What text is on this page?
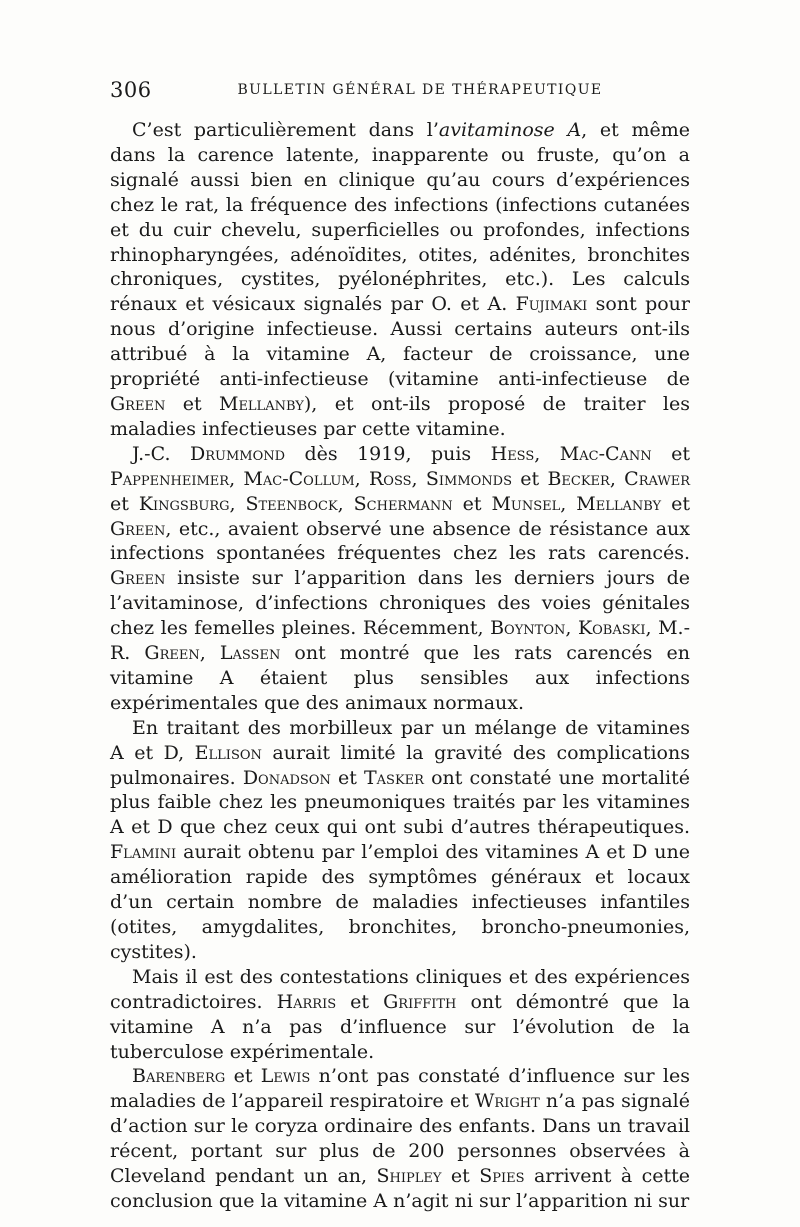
306	BULLETIN GÉNÉRAL DE THÉRAPEUTIQUE

C’est particulièrement dans l’avitaminose A, et même dans la carence latente, inapparente ou fruste, qu’on a signalé aussi bien en clinique qu’au cours d’expériences chez le rat, la fréquence des infections (infections cutanées et du cuir chevelu, superficielles ou profondes, infections rhinopharyngées, adénoïdites, otites, adénites, bronchites chroniques, cystites, pyélonéphrites, etc.). Les calculs rénaux et vésicaux signalés par O. et A. Fujimaki sont pour nous d’origine infectieuse. Aussi certains auteurs ont-ils attribué à la vitamine A, facteur de croissance, une propriété anti-infectieuse (vitamine anti-infectieuse de Green et Mellanby), et ont-ils proposé de traiter les maladies infectieuses par cette vitamine.

J.-C. Drummond dès 1919, puis Hess, Mac-Cann et Pappenheimer, Mac-Collum, Ross, Simmonds et Becker, Crawer et Kingsburg, Steenbock, Schermann et Munsel, Mellanby et Green, etc., avaient observé une absence de résistance aux infections spontanées fréquentes chez les rats carencés. Green insiste sur l’apparition dans les derniers jours de l’avitaminose, d’infections chroniques des voies génitales chez les femelles pleines. Récemment, Boynton, Kobaski, M.-R. Green, Lassen ont montré que les rats carencés en vitamine A étaient plus sensibles aux infections expérimentales que des animaux normaux.

En traitant des morbilleux par un mélange de vitamines A et D, Ellison aurait limité la gravité des complications pulmonaires. Donadson et Tasker ont constaté une mortalité plus faible chez les pneumoniques traités par les vitamines A et D que chez ceux qui ont subi d’autres thérapeutiques. Flamini aurait obtenu par l’emploi des vitamines A et D une amélioration rapide des symptômes généraux et locaux d’un certain nombre de maladies infectieuses infantiles (otites, amygdalites, bronchites, broncho-pneumonies, cystites).

Mais il est des contestations cliniques et des expériences contradictoires. Harris et Griffith ont démontré que la vitamine A n’a pas d’influence sur l’évolution de la tuberculose expérimentale.

Barenberg et Lewis n’ont pas constaté d’influence sur les maladies de l’appareil respiratoire et Wright n’a pas signalé d’action sur le coryza ordinaire des enfants. Dans un travail récent, portant sur plus de 200 personnes observées à Cleveland pendant un an, Shipley et Spies arrivent à cette conclusion que la vitamine A n’agit ni sur l’apparition ni sur
